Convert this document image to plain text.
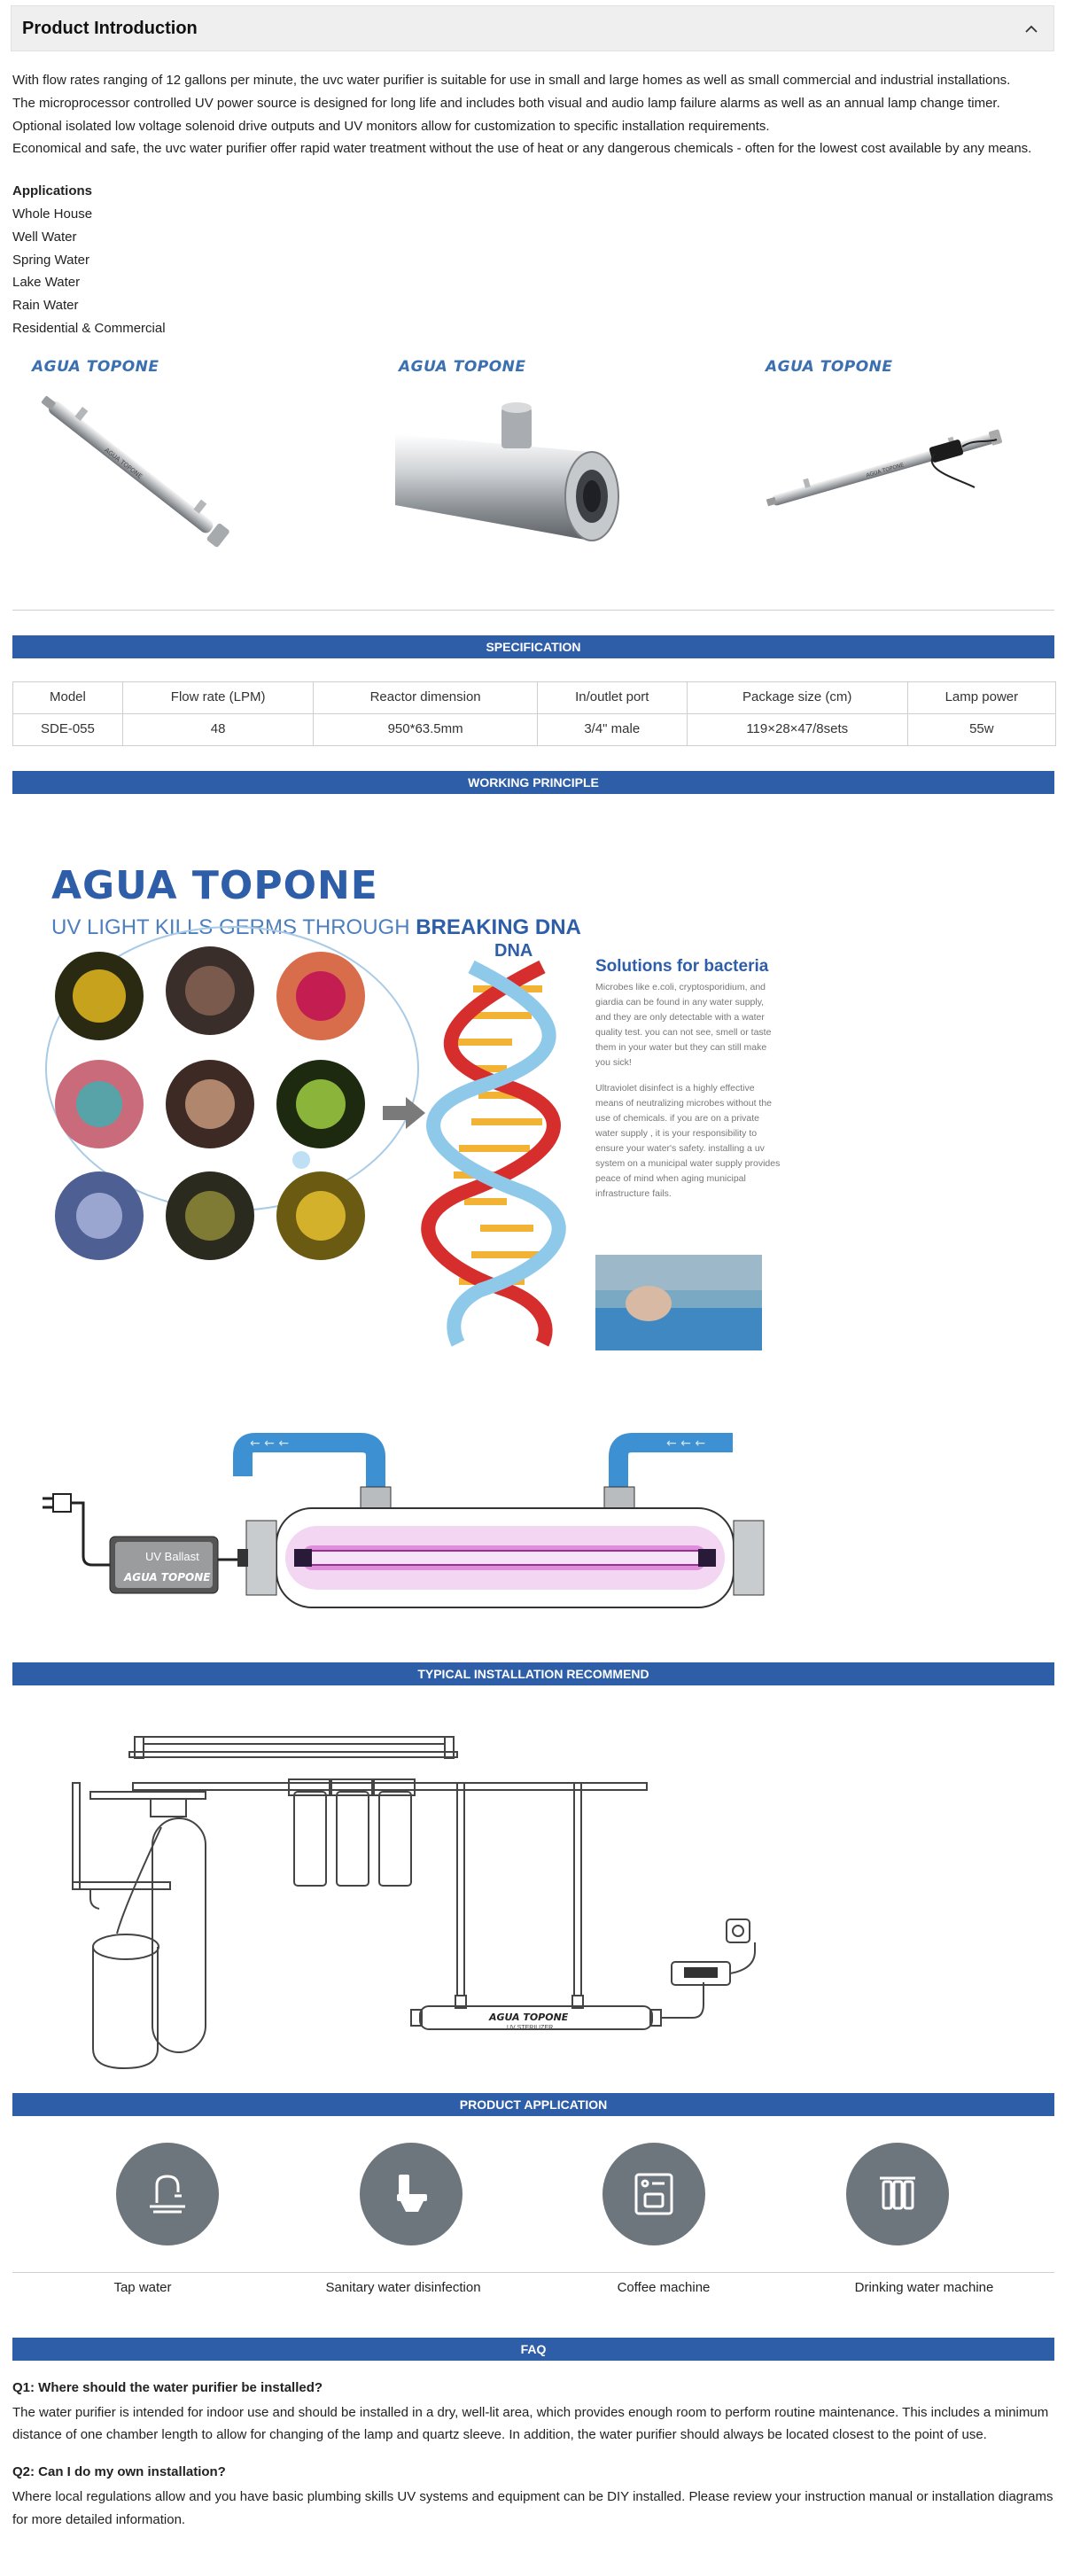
Product Introduction

With flow rates ranging of 12 gallons per minute, the uvc water purifier is suitable for use in small and large homes as well as small commercial and industrial installations.

The microprocessor controlled UV power source is designed for long life and includes both visual and audio lamp failure alarms as well as an annual lamp change timer.

Optional isolated low voltage solenoid drive outputs and UV monitors allow for customization to specific installation requirements.

Economical and safe, the uvc water purifier offer rapid water treatment without the use of heat or any dangerous chemicals - often for the lowest cost available by any means.

Applications
Whole House
Well Water
Spring Water
Lake Water
Rain Water
Residential & Commercial
AGUA TOPONE
AGUA TOPONE
AGUA TOPONE	AGUA TOPONE
AGUA TOPONE
SPECIFICATION
Model	Flow rate (LPM)	Reactor dimension	In/outlet port	Package size (cm)	Lamp power
SDE-055	48	950*63.5mm	3/4" male	119×28×47/8sets	55w
WORKING PRINCIPLE
AGUA TOPONE
UV LIGHT KILLS GERMS THROUGH BREAKING DNA
DNA
Solutions for bacteria
Microbes like e.coli, cryptosporidium, and giardia can be found in any water supply, and they are only detectable with a water quality test. you can not see, smell or taste them in your water but they can still make you sick!
Ultraviolet disinfect is a highly effective means of neutralizing microbes without the use of chemicals. if you are on a private water supply , it is your responsibility to ensure your water's safety. installing a uv system on a municipal water supply provides peace of mind when aging municipal infrastructure fails.
← ← ←	← ← ←
UV Ballast
AGUA TOPONE
TYPICAL INSTALLATION RECOMMEND
AGUA TOPONE
UV STERILIZER
PRODUCT APPLICATION
Tap water	Sanitary water disinfection	Coffee machine	Drinking water machine
FAQ
Q1: Where should the water purifier be installed?
The water purifier is intended for indoor use and should be installed in a dry, well-lit area, which provides enough room to perform routine maintenance. This includes a minimum distance of one chamber length to allow for changing of the lamp and quartz sleeve. In addition, the water purifier should always be located closest to the point of use.
Q2: Can I do my own installation?
Where local regulations allow and you have basic plumbing skills UV systems and equipment can be DIY installed. Please review your instruction manual or installation diagrams for more detailed information.
